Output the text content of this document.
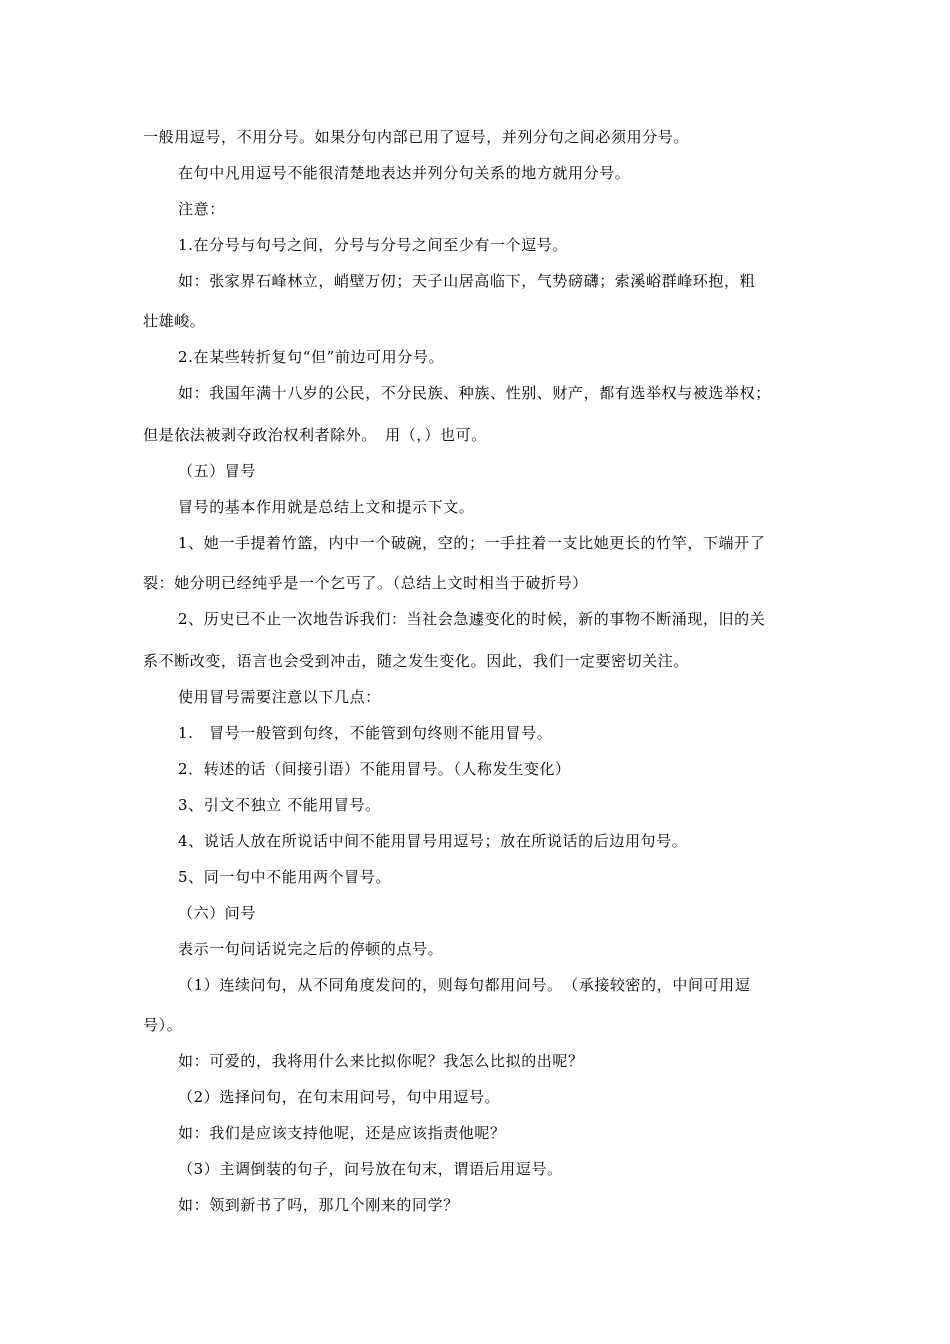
一般用逗号，不用分号。如果分句内部已用了逗号，并列分句之间必须用分号。
在句中凡用逗号不能很清楚地表达并列分句关系的地方就用分号。
注意：
1.在分号与句号之间，分号与分号之间至少有一个逗号。
如：张家界石峰林立，峭壁万仞；天子山居高临下，气势磅礴；索溪峪群峰环抱，粗
壮雄峻。
2.在某些转折复句“但”前边可用分号。
如：我国年满十八岁的公民，不分民族、种族、性别、财产，都有选举权与被选举权；
但是依法被剥夺政治权利者除外。　用（，）也可。
（五）冒号
冒号的基本作用就是总结上文和提示下文。
1、她一手提着竹篮，内中一个破碗，空的；一手拄着一支比她更长的竹竿，下端开了
裂：她分明已经纯乎是一个乞丐了。（总结上文时相当于破折号）
2、历史已不止一次地告诉我们：当社会急遽变化的时候，新的事物不断涌现，旧的关
系不断改变，语言也会受到冲击，随之发生变化。因此，我们一定要密切关注。
使用冒号需要注意以下几点：
1.　冒号一般管到句终，不能管到句终则不能用冒号。
2．转述的话（间接引语）不能用冒号。（人称发生变化）
3、引文不独立 不能用冒号。
4、说话人放在所说话中间不能用冒号用逗号；放在所说话的后边用句号。
5、同一句中不能用两个冒号。
（六）问号
表示一句问话说完之后的停顿的点号。
（1）连续问句，从不同角度发问的，则每句都用问号。　（承接较密的，中间可用逗
号）。
如：可爱的，我将用什么来比拟你呢？我怎么比拟的出呢？
（2）选择问句，在句末用问号，句中用逗号。
如：我们是应该支持他呢，还是应该指责他呢？
（3）主调倒装的句子，问号放在句末，谓语后用逗号。
如：领到新书了吗，那几个刚来的同学？
